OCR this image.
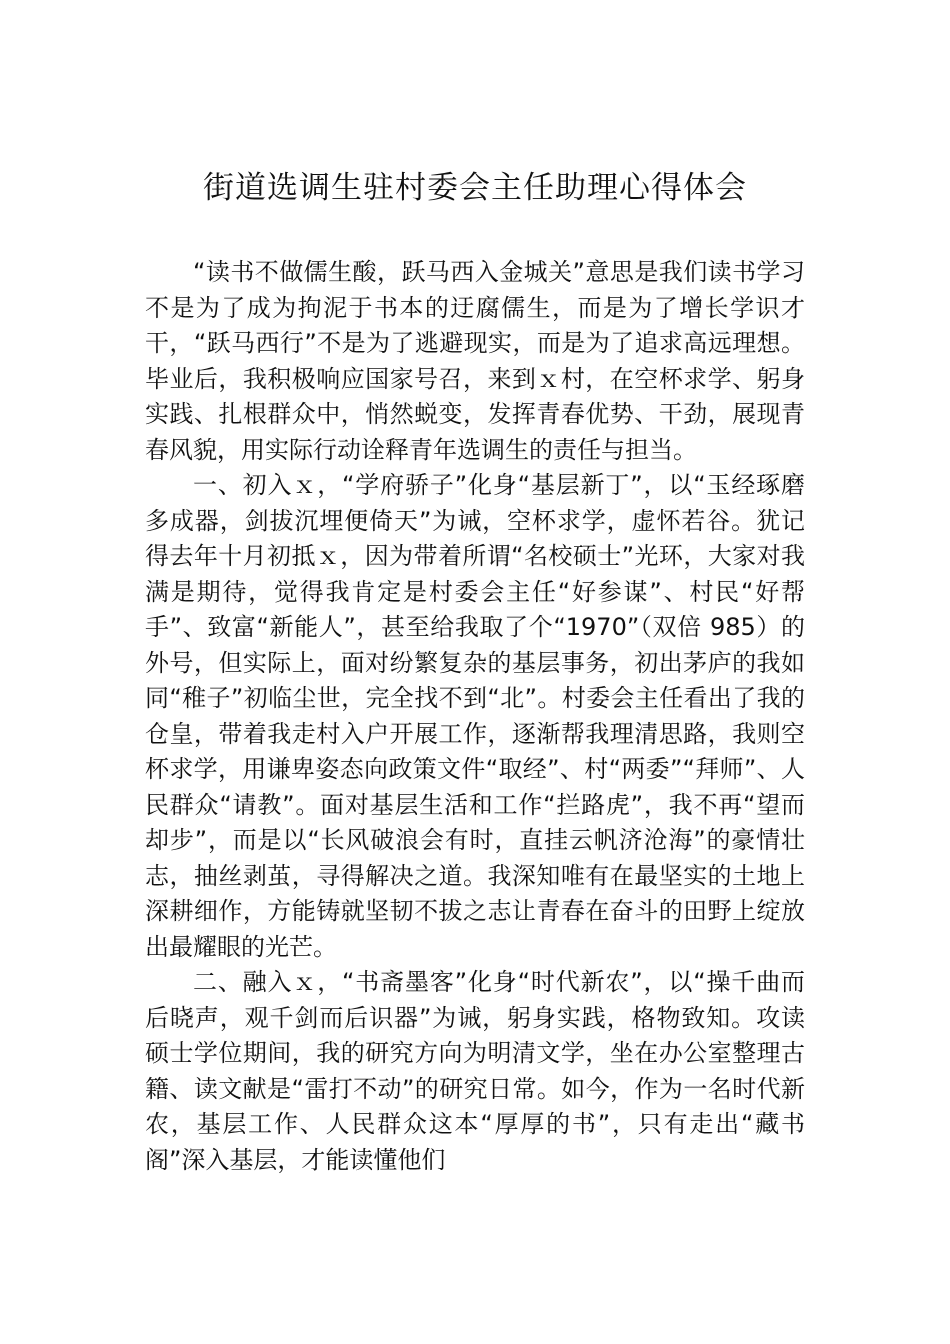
街道选调生驻村委会主任助理心得体会

“读书不做儒生酸，跃马西入金城关”意思是我们读书学习不是为了成为拘泥于书本的迂腐儒生，而是为了增长学识才干，“跃马西行”不是为了逃避现实，而是为了追求高远理想。毕业后，我积极响应国家号召，来到ｘ村，在空杯求学、躬身实践、扎根群众中，悄然蜕变，发挥青春优势、干劲，展现青春风貌，用实际行动诠释青年选调生的责任与担当。

一、初入ｘ，“学府骄子”化身“基层新丁”，以“玉经琢磨多成器，剑拔沉埋便倚天”为诫，空杯求学，虚怀若谷。犹记得去年十月初抵ｘ，因为带着所谓“名校硕士”光环，大家对我满是期待，觉得我肯定是村委会主任“好参谋”、村民“好帮手”、致富“新能人”，甚至给我取了个“1970”（双倍 985）的外号，但实际上，面对纷繁复杂的基层事务，初出茅庐的我如同“稚子”初临尘世，完全找不到“北”。村委会主任看出了我的仓皇，带着我走村入户开展工作，逐渐帮我理清思路，我则空杯求学，用谦卑姿态向政策文件“取经”、村“两委”“拜师”、人民群众“请教”。面对基层生活和工作“拦路虎”，我不再“望而却步”，而是以“长风破浪会有时，直挂云帆济沧海”的豪情壮志，抽丝剥茧，寻得解决之道。我深知唯有在最坚实的土地上深耕细作，方能铸就坚韧不拔之志让青春在奋斗的田野上绽放出最耀眼的光芒。

二、融入ｘ，“书斋墨客”化身“时代新农”，以“操千曲而后晓声，观千剑而后识器”为诫，躬身实践，格物致知。攻读硕士学位期间，我的研究方向为明清文学，坐在办公室整理古籍、读文献是“雷打不动”的研究日常。如今，作为一名时代新农，基层工作、人民群众这本“厚厚的书”，只有走出“藏书阁”深入基层，才能读懂他们
